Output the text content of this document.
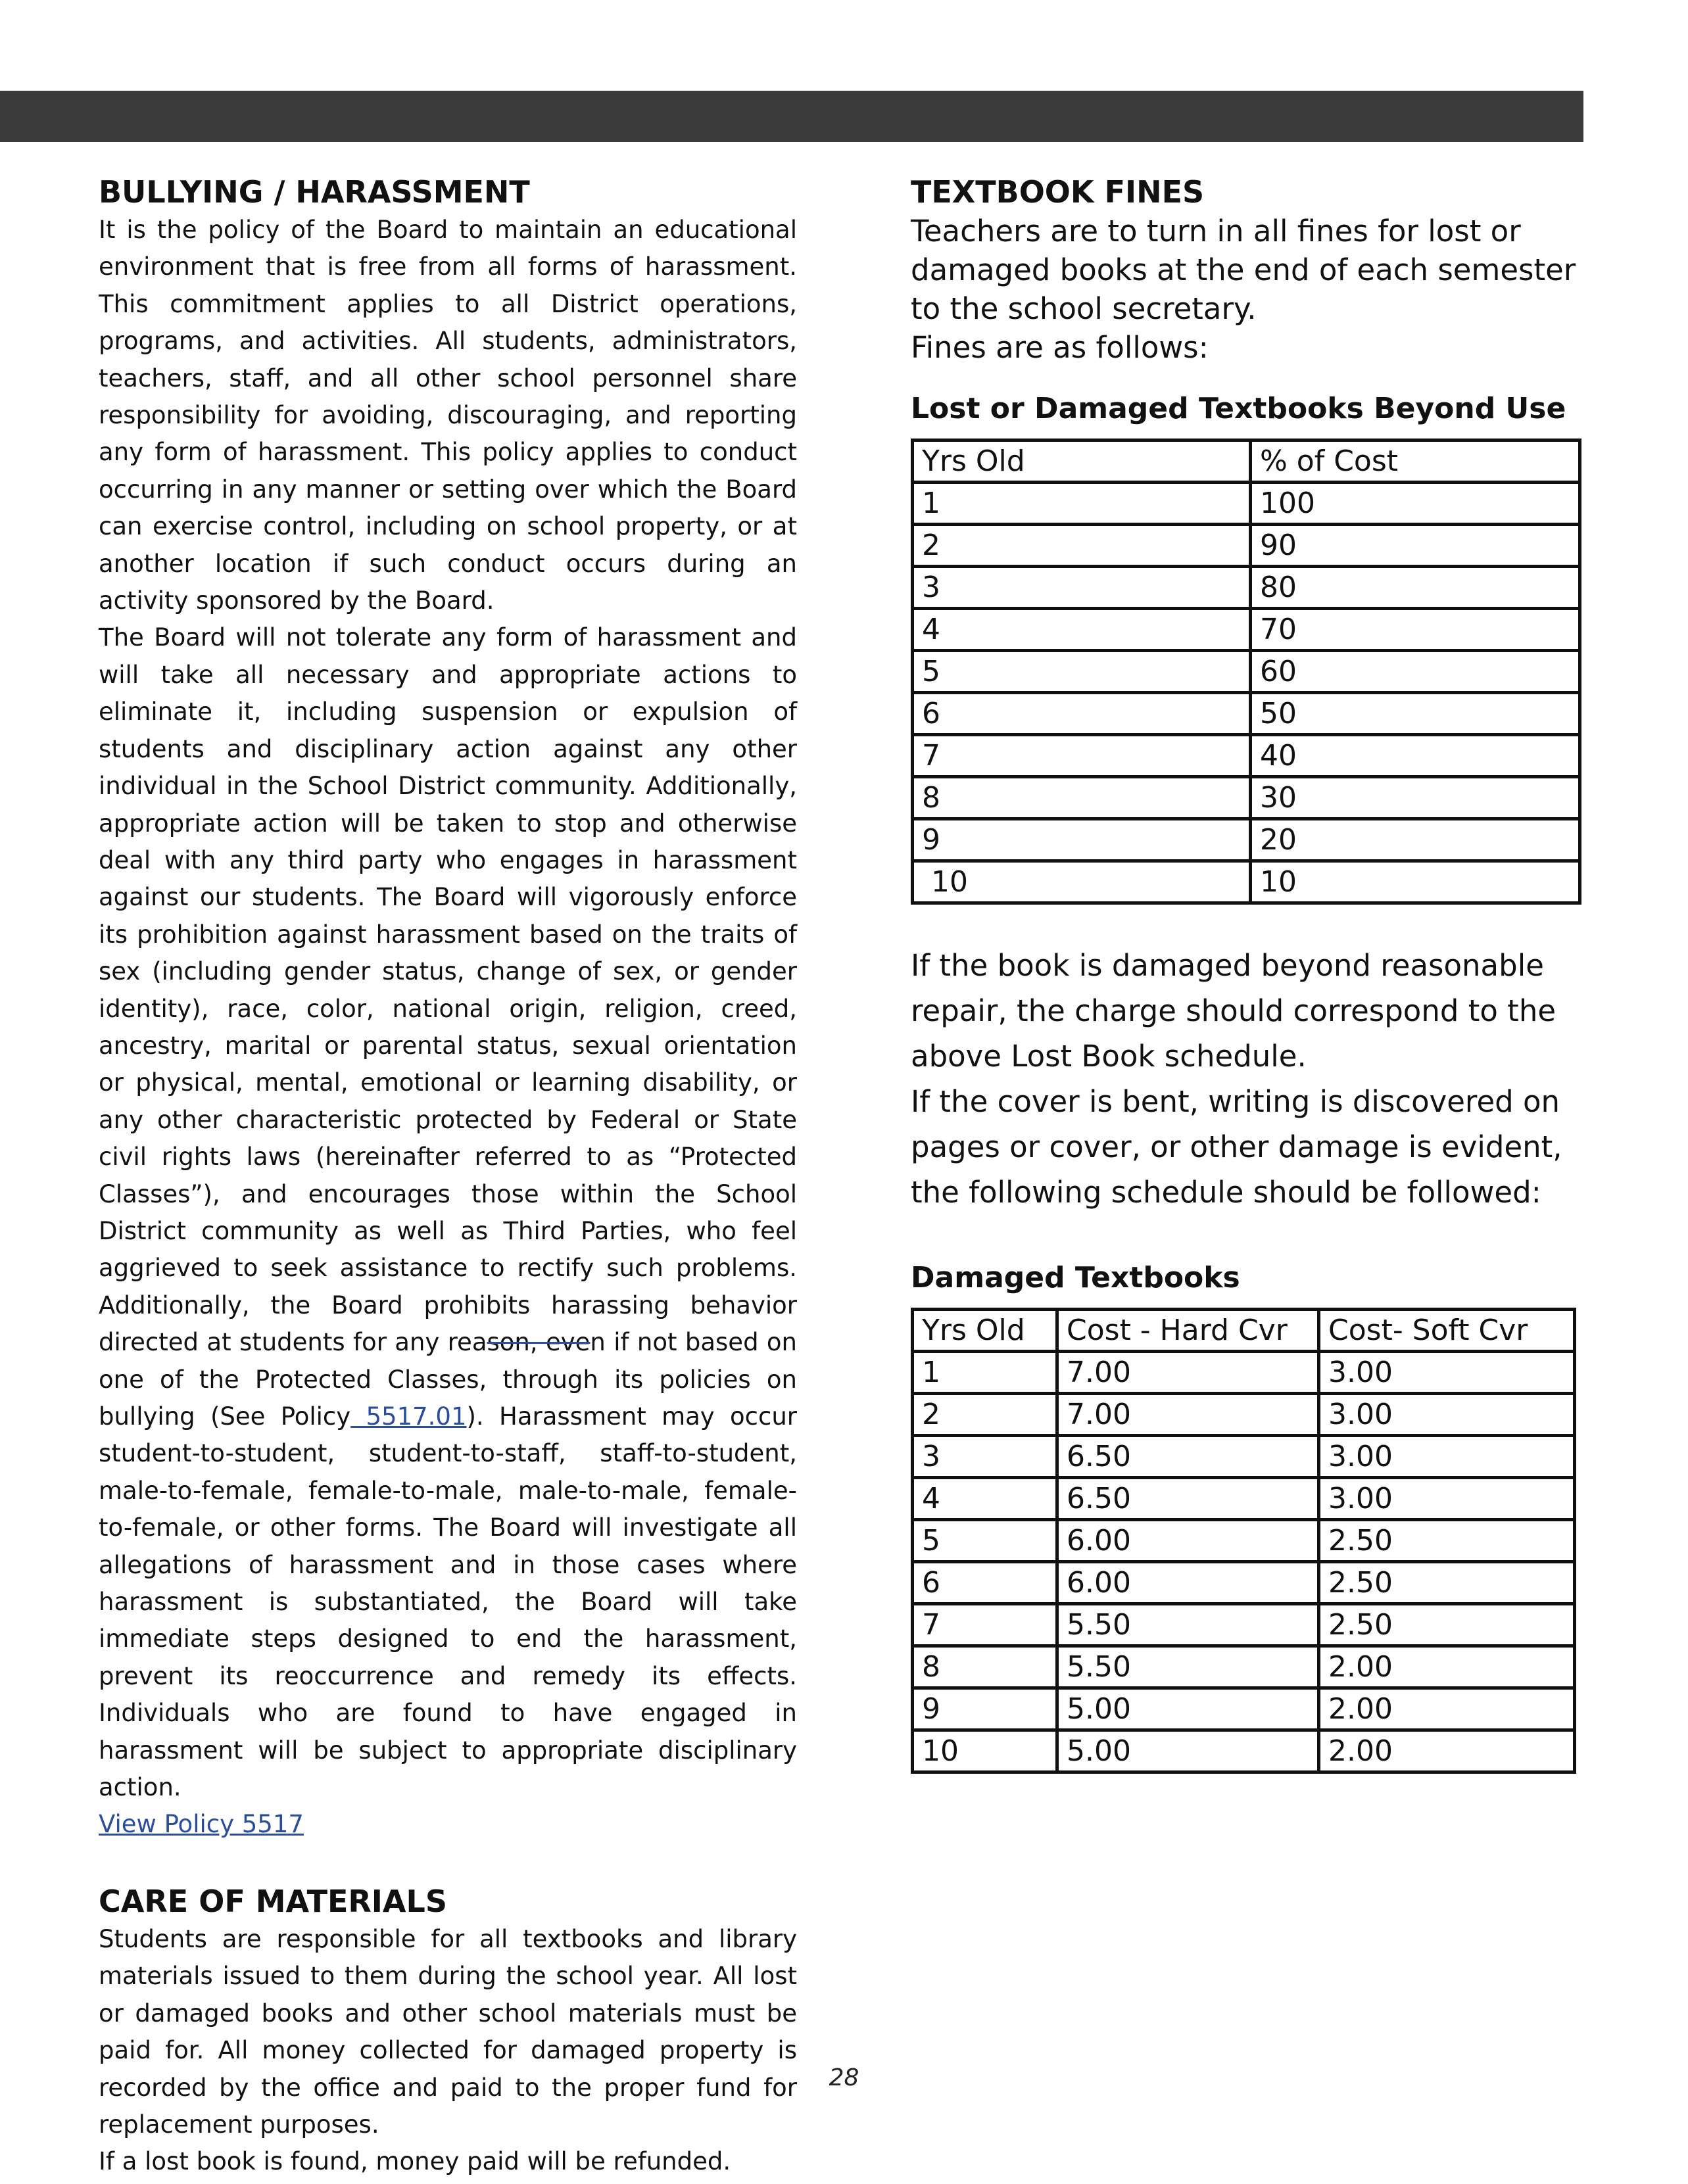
BULLYING / HARASSMENT

It is the policy of the Board to maintain an educational environment that is free from all forms of harassment. This commitment applies to all District operations, programs, and activities. All students, administrators, teachers, staff, and all other school personnel share responsibility for avoiding, discouraging, and reporting any form of harassment. This policy applies to conduct occurring in any manner or setting over which the Board can exercise control, including on school property, or at another location if such conduct occurs during an activity sponsored by the Board.

The Board will not tolerate any form of harassment and will take all necessary and appropriate actions to eliminate it, including suspension or expulsion of students and disciplinary action against any other individual in the School District community. Additionally, appropriate action will be taken to stop and otherwise deal with any third party who engages in harassment against our students. The Board will vigorously enforce its prohibition against harassment based on the traits of sex (including gender status, change of sex, or gender identity), race, color, national origin, religion, creed, ancestry, marital or parental status, sexual orientation or physical, mental, emotional or learning disability, or any other characteristic protected by Federal or State civil rights laws (hereinafter referred to as “Protected Classes”), and encourages those within the School District community as well as Third Parties, who feel aggrieved to seek assistance to rectify such problems. Additionally, the Board prohibits harassing behavior directed at students for any reason, even if not based on one of the Protected Classes, through its policies on bullying (See Policy 5517.01). Harassment may occur student-to-student, student-to-staff, staff-to-student, male-to-female, female-to-male, male-to-male, female-to-female, or other forms. The Board will investigate all allegations of harassment and in those cases where harassment is substantiated, the Board will take immediate steps designed to end the harassment, prevent its reoccurrence and remedy its effects. Individuals who are found to have engaged in harassment will be subject to appropriate disciplinary action.

View Policy 5517

CARE OF MATERIALS

Students are responsible for all textbooks and library materials issued to them during the school year. All lost or damaged books and other school materials must be paid for. All money collected for damaged property is recorded by the office and paid to the proper fund for replacement purposes.

If a lost book is found, money paid will be refunded.

TEXTBOOK FINES

Teachers are to turn in all fines for lost or damaged books at the end of each semester to the school secretary.

Fines are as follows:

Lost or Damaged Textbooks Beyond Use

Yrs Old	% of Cost
1	100
2	90
3	80
4	70
5	60
6	50
7	40
8	30
9	20
10	10

If the book is damaged beyond reasonable repair, the charge should correspond to the above Lost Book schedule.

If the cover is bent, writing is discovered on pages or cover, or other damage is evident, the following schedule should be followed:

Damaged Textbooks

Yrs Old	Cost - Hard Cvr	Cost- Soft Cvr
1	7.00	3.00
2	7.00	3.00
3	6.50	3.00
4	6.50	3.00
5	6.00	2.50
6	6.00	2.50
7	5.50	2.50
8	5.50	2.00
9	5.00	2.00
10	5.00	2.00
28
